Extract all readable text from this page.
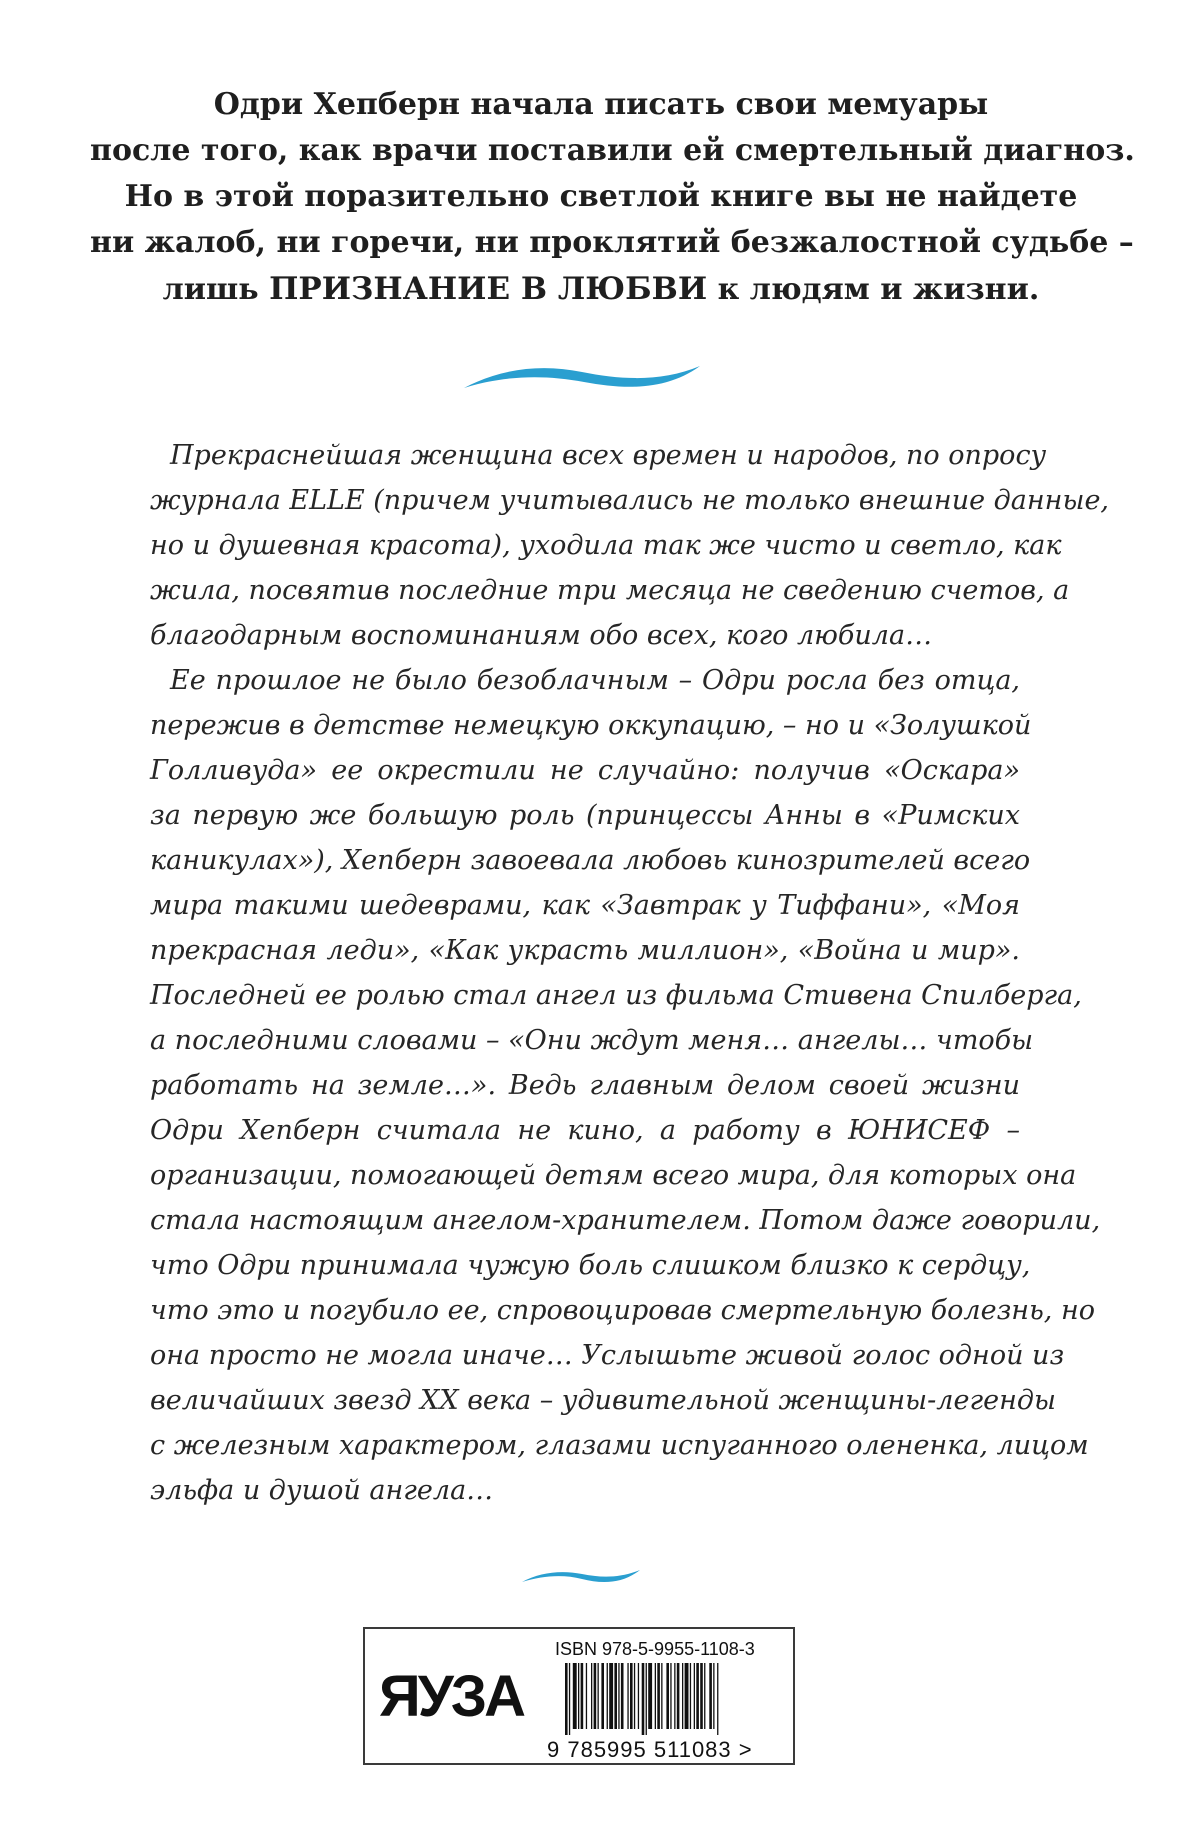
Одри Хепберн начала писать свои мемуары
после того, как врачи поставили ей смертельный диагноз.
Но в этой поразительно светлой книге вы не найдете
ни жалоб, ни горечи, ни проклятий безжалостной судьбе –
лишь ПРИЗНАНИЕ В ЛЮБВИ к людям и жизни.
Прекраснейшая женщина всех времен и народов, по опросу
журнала ELLE (причем учитывались не только внешние данные,
но и душевная красота), уходила так же чисто и светло, как
жила, посвятив последние три месяца не сведению счетов, а
благодарным воспоминаниям обо всех, кого любила…
Ее прошлое не было безоблачным – Одри росла без отца,
пережив в детстве немецкую оккупацию, – но и «Золушкой
Голливуда» ее окрестили не случайно: получив «Оскара»
за первую же большую роль (принцессы Анны в «Римских
каникулах»), Хепберн завоевала любовь кинозрителей всего
мира такими шедеврами, как «Завтрак у Тиффани», «Моя
прекрасная леди», «Как украсть миллион», «Война и мир».
Последней ее ролью стал ангел из фильма Стивена Спилберга,
а последними словами – «Они ждут меня… ангелы… чтобы
работать на земле…». Ведь главным делом своей жизни
Одри Хепберн считала не кино, а работу в ЮНИСЕФ –
организации, помогающей детям всего мира, для которых она
стала настоящим ангелом-хранителем. Потом даже говорили,
что Одри принимала чужую боль слишком близко к сердцу,
что это и погубило ее, спровоцировав смертельную болезнь, но
она просто не могла иначе… Услышьте живой голос одной из
величайших звезд XX века – удивительной женщины-легенды
с железным характером, глазами испуганного олененка, лицом
эльфа и душой ангела…
ЯУЗА
ISBN 978-5-9955-1108-3
9 785995 511083 >
